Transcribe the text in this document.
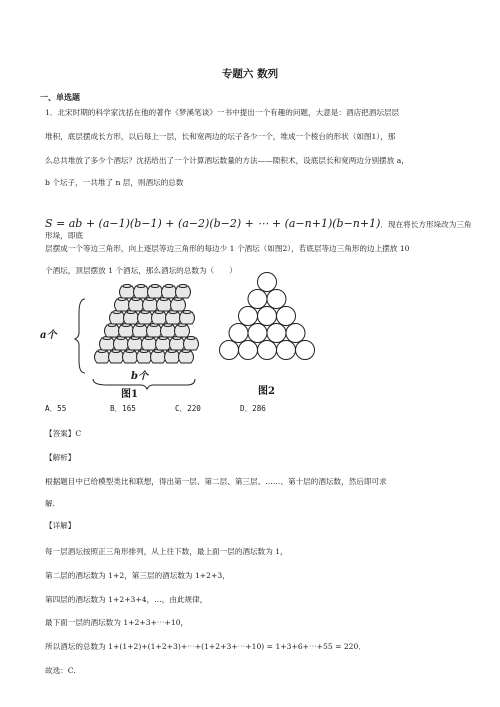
专题六 数列
一、单选题
1．北宋时期的科学家沈括在他的著作《梦溪笔谈》一书中提出一个有趣的问题，大意是：酒店把酒坛层层
堆积，底层摆成长方形，以后每上一层，长和宽两边的坛子各少一个，堆成一个棱台的形状（如图1），那
么总共堆放了多少个酒坛？沈括给出了一个计算酒坛数量的方法——隙积术，设底层长和宽两边分别摆放 a，
b 个坛子，一共堆了 n 层，则酒坛的总数
S = ab + (a−1)(b−1) + (a−2)(b−2) + ⋯ + (a−n+1)(b−n+1)．现在将长方形垛改为三角形垛，即底
层摆成一个等边三角形，向上逐层等边三角形的每边少 1 个酒坛（如图2），若底层等边三角形的边上摆放 10
个酒坛，顶层摆放 1 个酒坛，那么酒坛的总数为（　　）
a个
b个
图1	图2
A．55	B．165	C．220	D．286
【答案】C
【解析】
根据题目中已给模型类比和联想，得出第一层、第二层、第三层、……、第十层的酒坛数，然后即可求
解.
【详解】
每一层酒坛按照正三角形排列，从上往下数，最上面一层的酒坛数为 1，
第二层的酒坛数为 1+2，第三层的酒坛数为 1+2+3，
第四层的酒坛数为 1+2+3+4，…，由此规律，
最下面一层的酒坛数为 1+2+3+⋯+10，
所以酒坛的总数为 1+(1+2)+(1+2+3)+⋯+(1+2+3+⋯+10) = 1+3+6+⋯+55 = 220．
故选：C.
